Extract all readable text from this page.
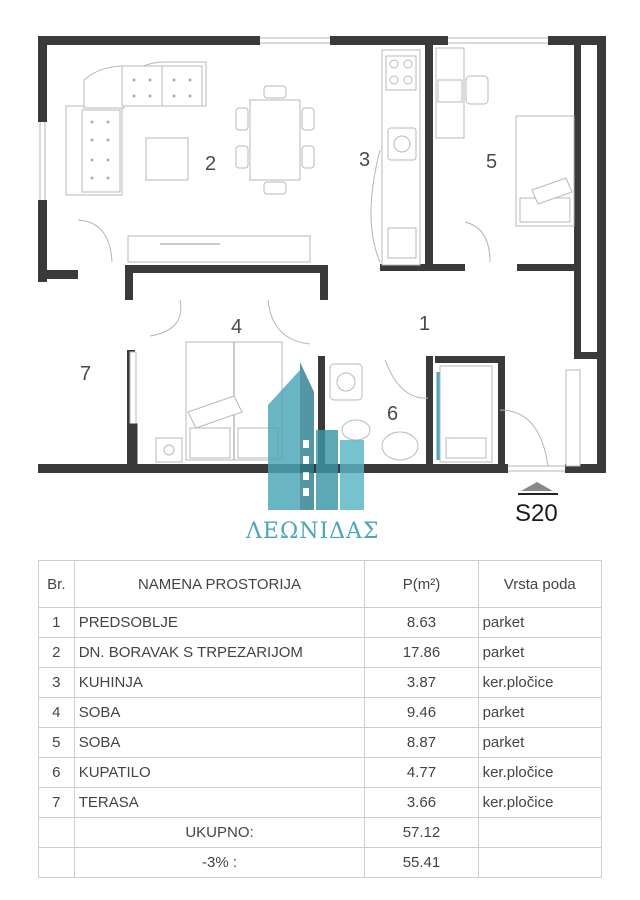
1
2	3
4
5
6
7
ΛΕΩΝΙΔΑΣ
S20
Br.	NAMENA PROSTORIJA	P(m²)	Vrsta poda
1	PREDSOBLJE	8.63	parket
2	DN. BORAVAK S TRPEZARIJOM	17.86	parket
3	KUHINJA	3.87	ker.pločice
4	SOBA	9.46	parket
5	SOBA	8.87	parket
6	KUPATILO	4.77	ker.pločice
7	TERASA	3.66	ker.pločice
	UKUPNO:	57.12	
	-3% :	55.41	
